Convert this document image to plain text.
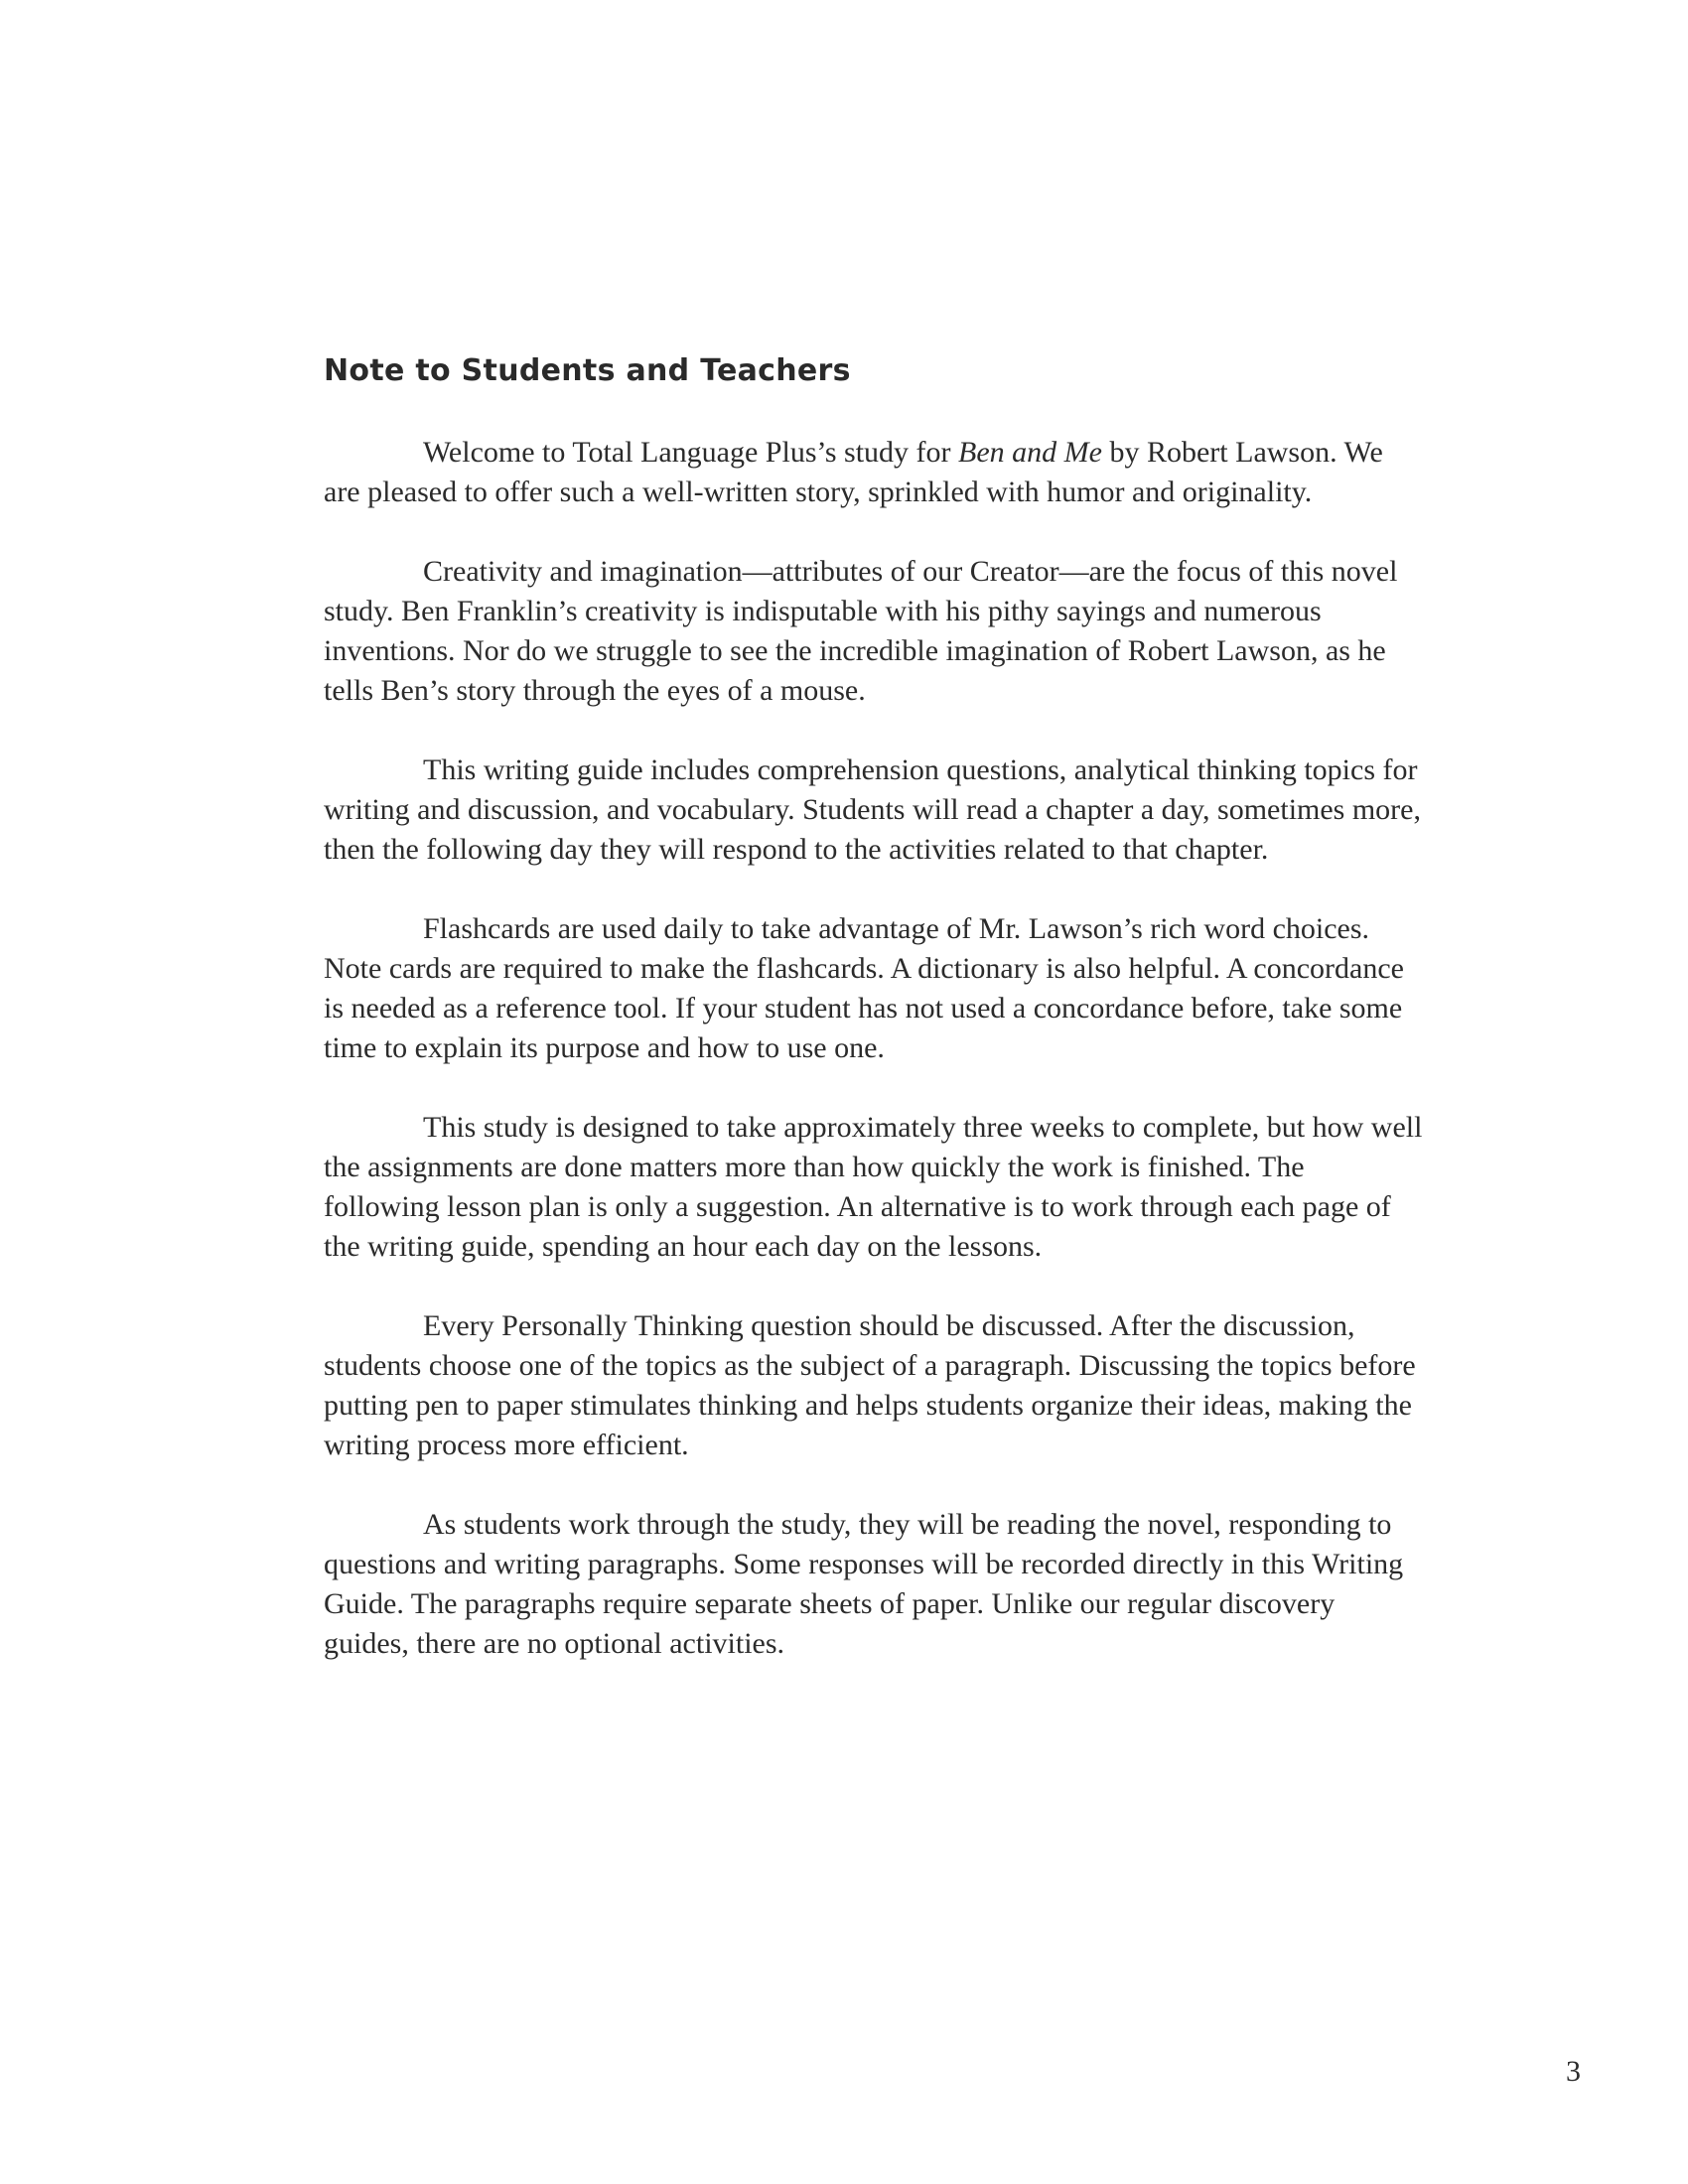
Note to Students and Teachers

Welcome to Total Language Plus’s study for Ben and Me by Robert Lawson. We are pleased to offer such a well-written story, sprinkled with humor and originality.

Creativity and imagination—attributes of our Creator—are the focus of this novel study. Ben Franklin’s creativity is indisputable with his pithy sayings and numerous inventions. Nor do we struggle to see the incredible imagination of Robert Lawson, as he tells Ben’s story through the eyes of a mouse.

This writing guide includes comprehension questions, analytical thinking topics for writing and discussion, and vocabulary. Students will read a chapter a day, sometimes more, then the following day they will respond to the activities related to that chapter.

Flashcards are used daily to take advantage of Mr. Lawson’s rich word choices. Note cards are required to make the flashcards. A dictionary is also helpful. A concordance is needed as a reference tool. If your student has not used a concordance before, take some time to explain its purpose and how to use one.

This study is designed to take approximately three weeks to complete, but how well the assignments are done matters more than how quickly the work is finished. The following lesson plan is only a suggestion. An alternative is to work through each page of the writing guide, spending an hour each day on the lessons.

Every Personally Thinking question should be discussed. After the discussion, students choose one of the topics as the subject of a paragraph. Discussing the topics before putting pen to paper stimulates thinking and helps students organize their ideas, making the writing process more efficient.

As students work through the study, they will be reading the novel, responding to questions and writing paragraphs. Some responses will be recorded directly in this Writing Guide. The paragraphs require separate sheets of paper. Unlike our regular discovery guides, there are no optional activities.

3
